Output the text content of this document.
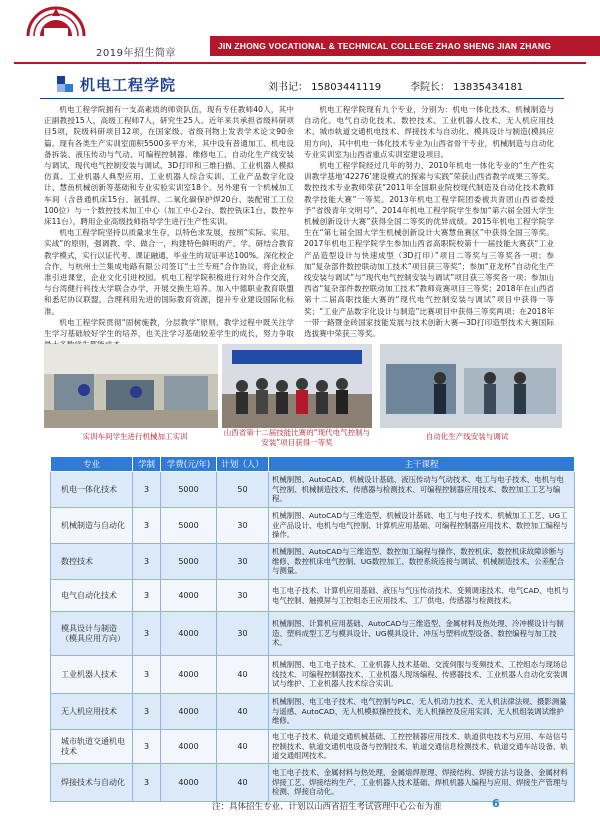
2019年招生简章
JIN ZHONG VOCATIONAL & TECHNICAL COLLEGE ZHAO SHENG JIAN ZHANG
机电工程学院	刘书记： 15803441119	李院长： 13835434181

机电工程学院拥有一支高素质的师资队伍，现有专任教师40人，其中正副教授15人，高级工程师7人，研究生25人。近年来共承担省级科研项目5项，院级科研项目12项，在国家级、省级刊物上发表学术论文90余篇。现有各类生产实训室面积5500多平方米，其中设有普通加工、机电设备拆装、液压传动与气动、可编程控制器、维修电工、自动化生产线安装与调试、现代电气控制安装与调试、3D打印和三维扫描、工业机器人模拟仿真、工业机器人典型应用、工业机器人综合实训、工业产品数字化设计、慧鱼机械创新等基础和专业实验实训室18个。另外建有一个机械加工车间（含普通机床15台、氩弧焊、二氧化碳保护焊20台、装配钳工工位100位）与一个数控技术加工中心（加工中心2台、数控铣床1台、数控车床11台），聘用企业高级技师指导学生进行生产性实训。

机电工程学院坚持以质量求生存，以特色求发展，按照“实际、实用、实战”的原则，强调教、学、做合一，构建特色鲜明的产、学、研结合教育教学模式，实行以证代考、课证融通，毕业生的双证率达100%。深化校企合作，与杭州士兰集成电路有限公司签订“士兰专班”合作协议，将企业标准引进课堂，企业文化引进校园。机电工程学院积极进行对外合作交流，与台湾健行科技大学联合办学，开展交换生培养。加入中德职业教育联盟和悉尼协议联盟，合理利用先进的国际教育资源，提升专业建设国际化标准。

机电工程学院贯彻“固树施教，分层教学”原则，教学过程中既关注学生学习基础较好学生的培养，也关注学习基础较差学生的成长，努力争取

机电工程学院现有九个专业，分别为：机电一体化技术、机械制造与自动化、电气自动化技术、数控技术、工业机器人技术、无人机应用技术、城市轨道交通机电技术、焊接技术与自动化、模具设计与制造(模具应用方向)，其中机电一体化技术专业为山西省骨干专业，机械制造与自动化专业实训室为山西省重点实训室建设项目。

机电工程学院经过几年的努力，2010年机电一体化专业的“生产性实训教学基地‘42276’建设模式的探索与实践”荣获山西省教学成果三等奖。数控技术专业教师荣获“2011年全国职业院校现代制造及自动化技术教师教学技能大赛”一等奖。2013年机电工程学院团委被共青团山西省委授予“省级青年文明号”。2014年机电工程学院学生参加“第六届全国大学生机械创新设计大赛”获得全国二等奖的优异成绩。2015年机电工程学院学生在“第七届全国大学生机械创新设计大赛慧鱼赛区”中获得全国三等奖。2017年机电工程学院学生参加山西省高职院校第十一届技能大赛获“工业产品造型设计与快速成型（3D打印）”项目二等奖与三等奖各一项；参加“复杂部件数控联动加工技术”项目获三等奖”；参加“亚龙杯”自动化生产线安装与调试”与“现代电气控制安装与调试”项目获三等奖各一项；参加山西省“复杂部件数控联动加工技术”教师竞赛项目三等奖；2018年在山西省第十二届高职技能大赛的“现代电气控制安装与调试”项目中获得一等奖；“工业产品数字化设计与制造”比赛项目中获得三等奖两项；在2018年一带一路暨金砖国家技能发展与技术创新大赛—3D打印造型技术大赛国际选拔赛中荣获三等奖。

实训车间学生进行机械加工实训	山西省第十二届技能比赛的“现代电气控制与安装”项目获得一等奖
自动化生产线安装与调试
专业	学制	学费(元/年)	计划（人）	主干课程
机电一体化技术	3	5000	50	机械制图、AutoCAD、机械设计基础、液压传动与气动技术、电工与电子技术、电机与电气控制、机械制造技术、传感器与检测技术、可编程控制器应用技术、数控加工工艺与编程。
机械制造与自动化	3	5000	30	机械制图、AutoCAD与三维造型、机械设计基础、电工与电子技术、机械加工工艺、UG工业产品设计、电机与电气控制、计算机应用基础、可编程控制器应用技术、数控加工编程与操作。
数控技术	3	5000	30	机械制图、AutoCAD与三维造型、数控加工编程与操作、数控机床、数控机床故障诊断与维修、数控机床电气控制、UG数控加工、数控系统连接与调试、机械制造技术、公差配合与测量。
电气自动化技术	3	4000	30	电工电子技术、计算机应用基础、液压与气压传动技术、变频调速技术、电气CAD、电机与电气控制、触摸屏与工控组态王应用技术、工厂供电、传感器与检测技术。
模具设计与制造（模具应用方向）	3	4000	30	机械制图、计算机应用基础、AutoCAD与三维造型、金属材料及热处理、冷冲模设计与制造、塑料成型工艺与模具设计、UG模具设计、冲压与塑料成型设备、数控编程与加工技术。
工业机器人技术	3	4000	40	机械制图、电工电子技术、工业机器人技术基础、交流伺服与变频技术、工控组态与现场总线技术、可编程控制器技术、工业机器人现场编程、传感器技术、工业机器人自动化安装调试与维护、工业机器人技术综合实训。
无人机应用技术	3	4000	40	机械制图、电工电子技术、电气控制与PLC、无人机动力技术、无人机法律法规、摄影测量与遥感、AutoCAD、无人机模拟操控技术、无人机操控及应用实训、无人机组装调试维护维修。
城市轨道交通机电技术	3	4000	40	电工电子技术、轨道交通机械基础、工控控制器应用技术、轨道供电技术与应用、车站信号控制技术、轨道交通机电设备与控制技术、轨道交通信息检测技术、轨道交通车站设备、轨道交通组网技术。
焊接技术与自动化	3	4000	40	电工电子技术、金属材料与热处理、金属熔焊原理、焊接结构、焊接方法与设备、金属材料焊接工艺、焊接结构生产、工业机器人技术基础、焊机机器人编程与应用、焊接生产管理与检测、焊接自动化。
注：具体招生专业、计划以山西省招生考试管理中心公布为准	6
